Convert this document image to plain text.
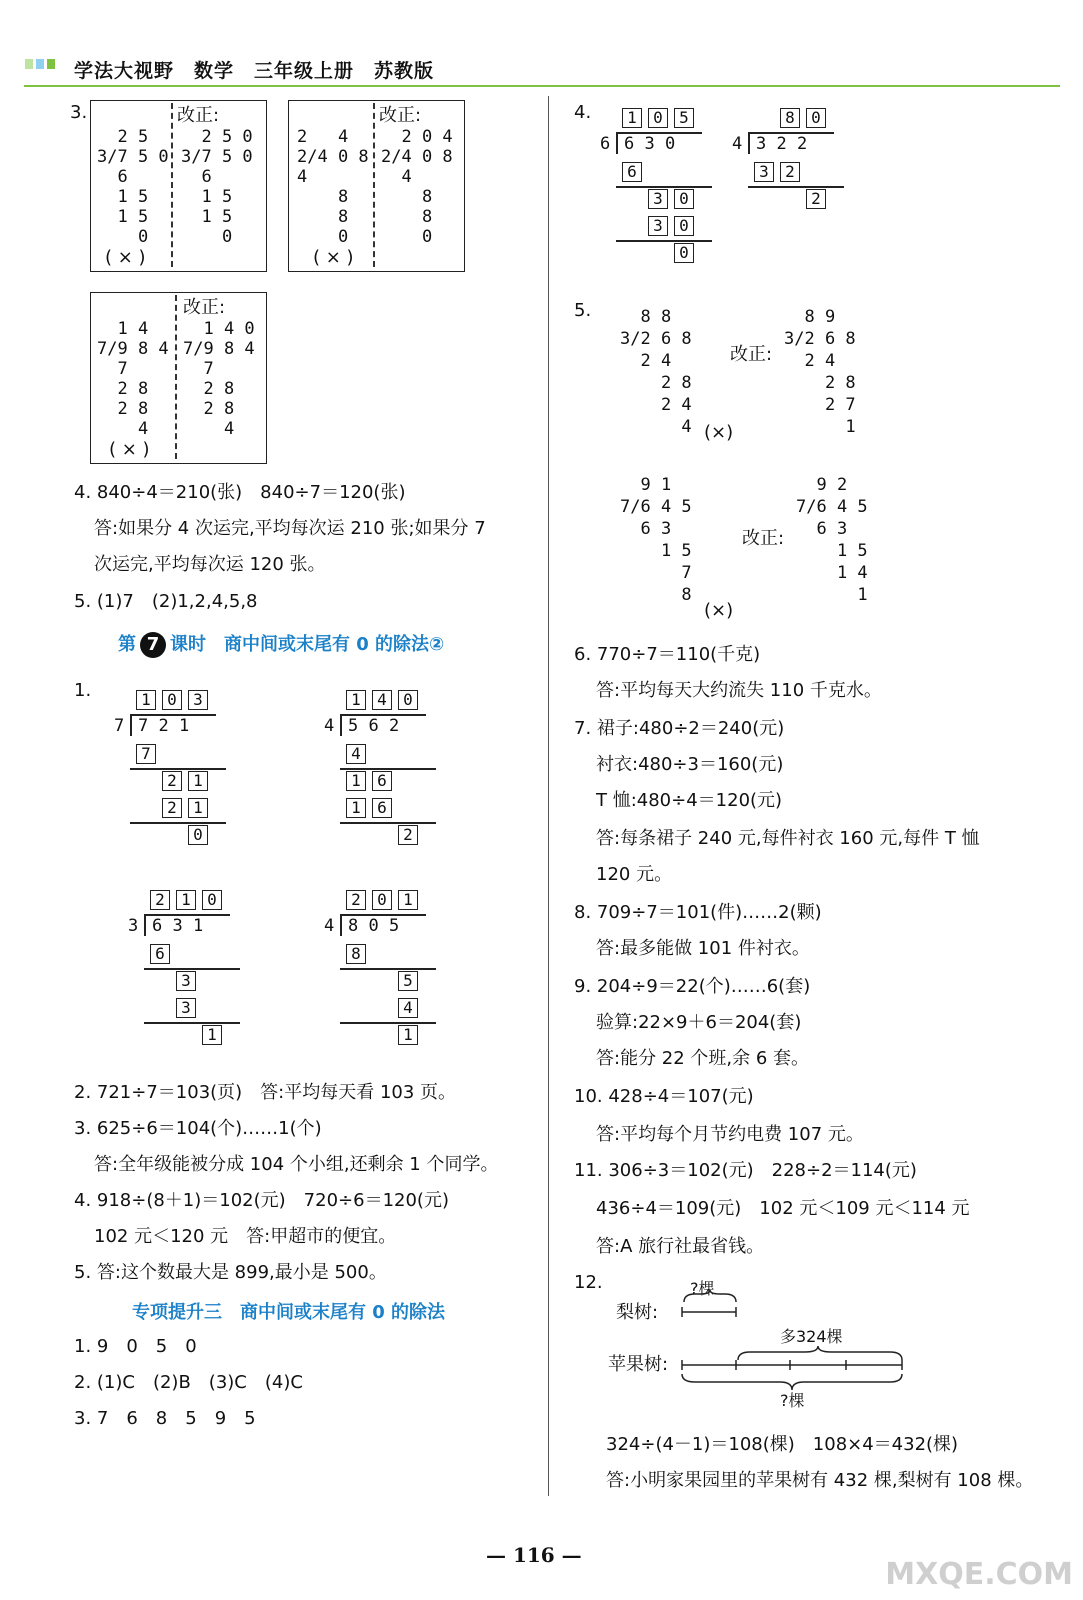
学法大视野　数学　三年级上册　苏教版
3.	改正:
2 5
3/7 5 0
6
1 5
1 5
0
2 5 0
3/7 5 0
6
1 5
1 5
0
( × )
改正:
2   4
2/4 0 8
4
8
8
0
2 0 4
2/4 0 8
4
8
8
0
( × )
改正:
1 4
7/9 8 4
7
2 8
2 8
4
1 4 0
7/9 8 4
7
2 8
2 8
4
( × )
4. 840÷4＝210(张)　840÷7＝120(张)
答:如果分 4 次运完,平均每次运 210 张;如果分 7
次运完,平均每次运 120 张。
5. (1)7　(2)1,2,4,5,8
第 7 课时　商中间或末尾有 0 的除法②
1.	1	0	3
7 7 2 1
7
2	1
2	1
0
1	4	0
4 5 6 2
4
1	6
1	6
2
2	1	0
3 6 3 1
6
3
3
1
2	0	1
4 8 0 5
8
5
4
1
2. 721÷7＝103(页)　答:平均每天看 103 页。
3. 625÷6＝104(个)……1(个)
答:全年级能被分成 104 个小组,还剩余 1 个同学。
4. 918÷(8＋1)＝102(元)　720÷6＝120(元)
102 元＜120 元　答:甲超市的便宜。
5. 答:这个数最大是 899,最小是 500。
专项提升三　商中间或末尾有 0 的除法
1. 9　0　5　0
2. (1)C　(2)B　(3)C　(4)C
3. 7　6　8　5　9　5
4.	1	0	5
6 6 3 0
6
3	0
3	0
0
8	0
4 3 2 2
3	2
2
5. 8 8
3/2 6 8
2 4
2 8
2 4
4 (×)
改正:
8 9
3/2 6 8
2 4
2 8
2 7
1
9 1
7/6 4 5
6 3
1 5
7
8
(×)
改正:
9 2
7/6 4 5
6 3
1 5
1 4
1
6. 770÷7＝110(千克)
答:平均每天大约流失 110 千克水。
7. 裙子:480÷2＝240(元)
衬衣:480÷3＝160(元)
T 恤:480÷4＝120(元)
答:每条裙子 240 元,每件衬衣 160 元,每件 T 恤
120 元。
8. 709÷7＝101(件)……2(颗)
答:最多能做 101 件衬衣。
9. 204÷9＝22(个)……6(套)
验算:22×9＋6＝204(套)
答:能分 22 个班,余 6 套。
10. 428÷4＝107(元)
答:平均每个月节约电费 107 元。
11. 306÷3＝102(元)　228÷2＝114(元)
436÷4＝109(元)　102 元＜109 元＜114 元
答:A 旅行社最省钱。
12.	?棵
梨树:
多324棵
苹果树:
?棵
324÷(4－1)＝108(棵)　108×4＝432(棵)
答:小明家果园里的苹果树有 432 棵,梨树有 108 棵。
— 116 —
MXQE.COM
